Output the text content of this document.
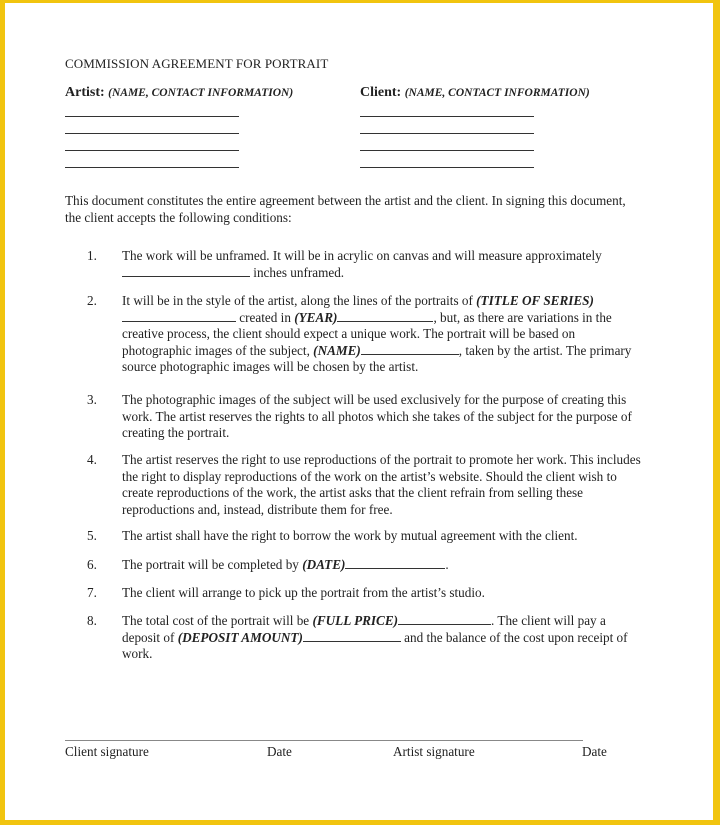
COMMISSION AGREEMENT FOR PORTRAIT
Artist: (NAME, CONTACT INFORMATION)	Client: (NAME, CONTACT INFORMATION)
This document constitutes the entire agreement between the artist and the client. In signing this document, the client accepts the following conditions:
1.	The work will be unframed. It will be in acrylic on canvas and will measure approximately
inches unframed.
2.	It will be in the style of the artist, along the lines of the portraits of (TITLE OF SERIES) created in (YEAR)	, but, as there are variations in the creative process, the client should expect a unique work. The portrait will be based on photographic images of the subject, (NAME)	, taken by the artist. The primary source photographic images will be chosen by the artist.
3.	The photographic images of the subject will be used exclusively for the purpose of creating this work. The artist reserves the rights to all photos which she takes of the subject for the purpose of creating the portrait.
4.	The artist reserves the right to use reproductions of the portrait to promote her work. This includes the right to display reproductions of the work on the artist’s website. Should the client wish to create reproductions of the work, the artist asks that the client refrain from selling these reproductions and, instead, distribute them for free.
5.	The artist shall have the right to borrow the work by mutual agreement with the client.
6.	The portrait will be completed by (DATE)	.
7.	The client will arrange to pick up the portrait from the artist’s studio.
8.	The total cost of the portrait will be (FULL PRICE)	. The client will pay a deposit of (DEPOSIT AMOUNT)	and the balance of the cost upon receipt of work.
Client signature	Date	Artist signature	Date
